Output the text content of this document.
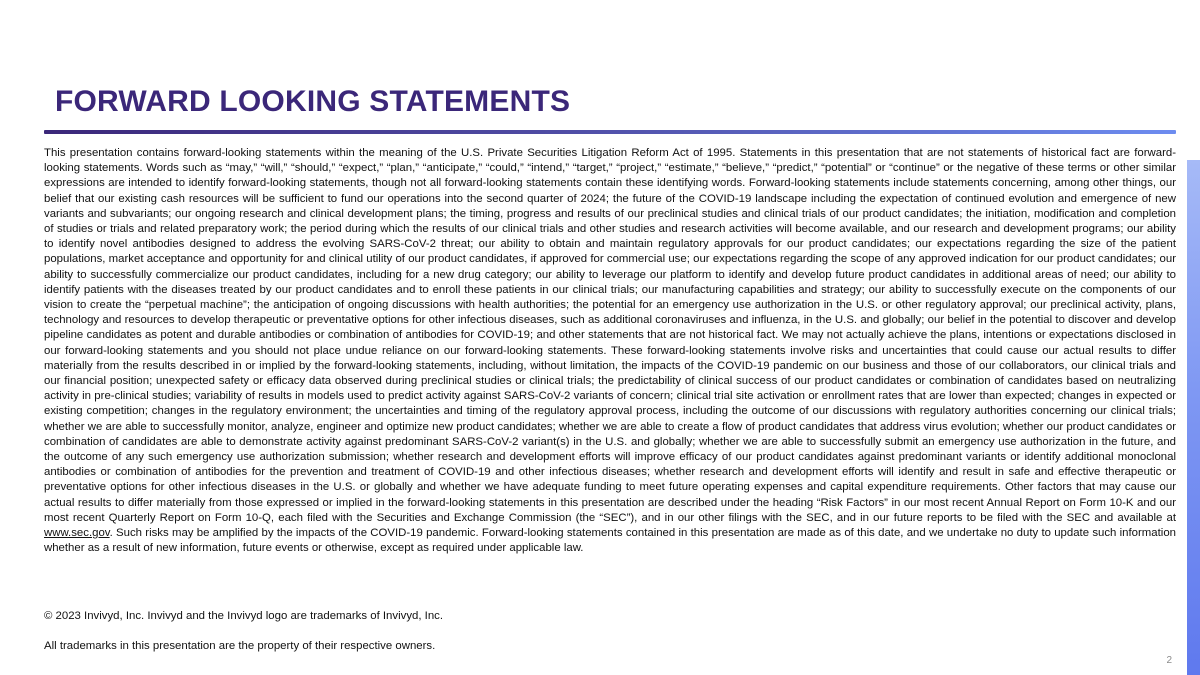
FORWARD LOOKING STATEMENTS

This presentation contains forward-looking statements within the meaning of the U.S. Private Securities Litigation Reform Act of 1995. Statements in this presentation that are not statements of historical fact are forward-looking statements. Words such as “may,” “will,” “should,” “expect,” “plan,” “anticipate,” “could,” “intend,” “target,” “project,” “estimate,” “believe,” “predict,” “potential” or “continue” or the negative of these terms or other similar expressions are intended to identify forward-looking statements, though not all forward-looking statements contain these identifying words. Forward-looking statements include statements concerning, among other things, our belief that our existing cash resources will be sufficient to fund our operations into the second quarter of 2024; the future of the COVID-19 landscape including the expectation of continued evolution and emergence of new variants and subvariants; our ongoing research and clinical development plans; the timing, progress and results of our preclinical studies and clinical trials of our product candidates; the initiation, modification and completion of studies or trials and related preparatory work; the period during which the results of our clinical trials and other studies and research activities will become available, and our research and development programs; our ability to identify novel antibodies designed to address the evolving SARS-CoV-2 threat; our ability to obtain and maintain regulatory approvals for our product candidates; our expectations regarding the size of the patient populations, market acceptance and opportunity for and clinical utility of our product candidates, if approved for commercial use; our expectations regarding the scope of any approved indication for our product candidates; our ability to successfully commercialize our product candidates, including for a new drug category; our ability to leverage our platform to identify and develop future product candidates in additional areas of need; our ability to identify patients with the diseases treated by our product candidates and to enroll these patients in our clinical trials; our manufacturing capabilities and strategy; our ability to successfully execute on the components of our vision to create the “perpetual machine”; the anticipation of ongoing discussions with health authorities; the potential for an emergency use authorization in the U.S. or other regulatory approval; our preclinical activity, plans, technology and resources to develop therapeutic or preventative options for other infectious diseases, such as additional coronaviruses and influenza, in the U.S. and globally; our belief in the potential to discover and develop pipeline candidates as potent and durable antibodies or combination of antibodies for COVID-19; and other statements that are not historical fact. We may not actually achieve the plans, intentions or expectations disclosed in our forward-looking statements and you should not place undue reliance on our forward-looking statements. These forward-looking statements involve risks and uncertainties that could cause our actual results to differ materially from the results described in or implied by the forward-looking statements, including, without limitation, the impacts of the COVID-19 pandemic on our business and those of our collaborators, our clinical trials and our financial position; unexpected safety or efficacy data observed during preclinical studies or clinical trials; the predictability of clinical success of our product candidates or combination of candidates based on neutralizing activity in pre-clinical studies; variability of results in models used to predict activity against SARS-CoV-2 variants of concern; clinical trial site activation or enrollment rates that are lower than expected; changes in expected or existing competition; changes in the regulatory environment; the uncertainties and timing of the regulatory approval process, including the outcome of our discussions with regulatory authorities concerning our clinical trials; whether we are able to successfully monitor, analyze, engineer and optimize new product candidates; whether we are able to create a flow of product candidates that address virus evolution; whether our product candidates or combination of candidates are able to demonstrate activity against predominant SARS-CoV-2 variant(s) in the U.S. and globally; whether we are able to successfully submit an emergency use authorization in the future, and the outcome of any such emergency use authorization submission; whether research and development efforts will improve efficacy of our product candidates against predominant variants or identify additional monoclonal antibodies or combination of antibodies for the prevention and treatment of COVID-19 and other infectious diseases; whether research and development efforts will identify and result in safe and effective therapeutic or preventative options for other infectious diseases in the U.S. or globally and whether we have adequate funding to meet future operating expenses and capital expenditure requirements. Other factors that may cause our actual results to differ materially from those expressed or implied in the forward-looking statements in this presentation are described under the heading “Risk Factors” in our most recent Annual Report on Form 10-K and our most recent Quarterly Report on Form 10-Q, each filed with the Securities and Exchange Commission (the “SEC”), and in our other filings with the SEC, and in our future reports to be filed with the SEC and available at www.sec.gov. Such risks may be amplified by the impacts of the COVID-19 pandemic. Forward-looking statements contained in this presentation are made as of this date, and we undertake no duty to update such information whether as a result of new information, future events or otherwise, except as required under applicable law.

© 2023 Invivyd, Inc. Invivyd and the Invivyd logo are trademarks of Invivyd, Inc.

All trademarks in this presentation are the property of their respective owners.

2
